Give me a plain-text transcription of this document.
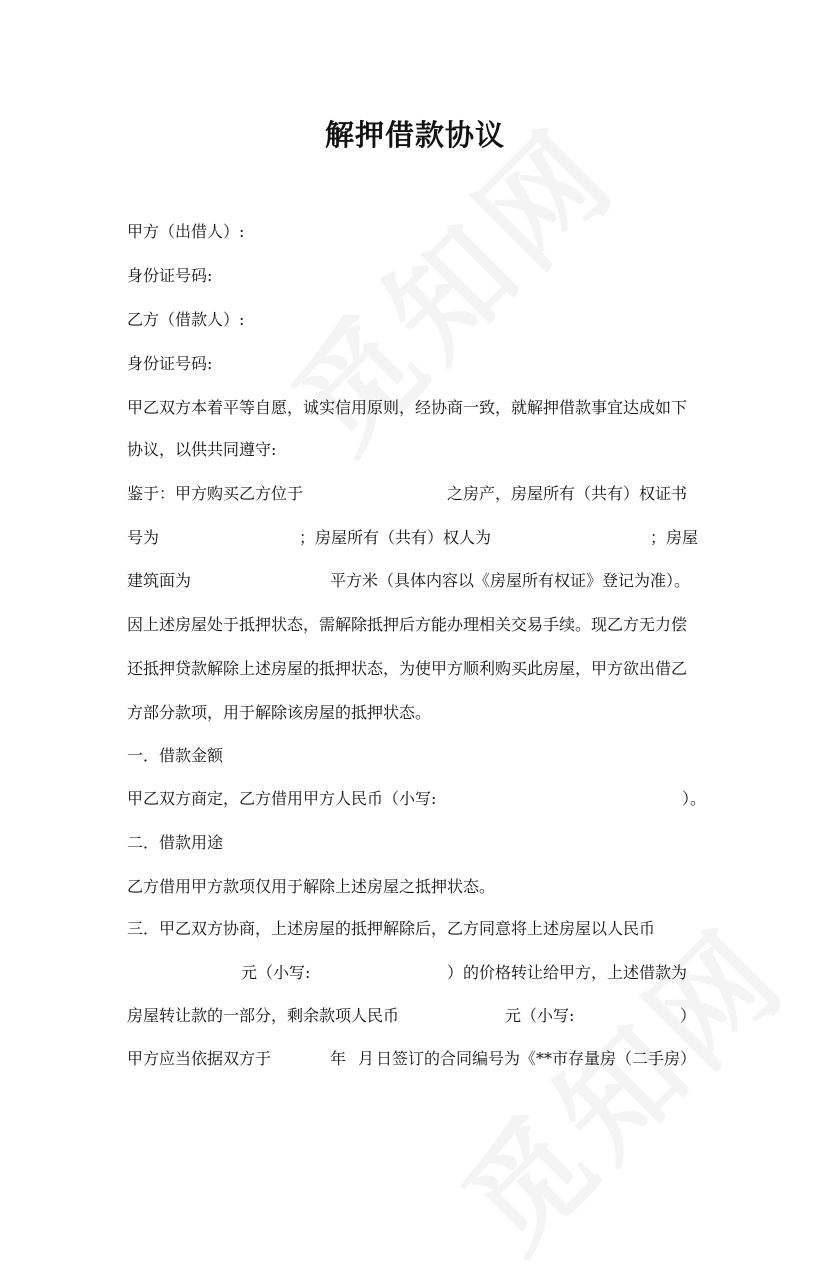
解押借款协议
甲方（出借人）:
身份证号码:
乙方（借款人）:
身份证号码:
甲乙双方本着平等自愿，诚实信用原则，经协商一致，就解押借款事宜达成如下
协议，以供共同遵守:
鉴于：甲方购买乙方位于	之房产，房屋所有（共有）权证书
号为	；房屋所有（共有）权人为	；房屋
建筑面为	平方米（具体内容以《房屋所有权证》登记为准）。
因上述房屋处于抵押状态，需解除抵押后方能办理相关交易手续。现乙方无力偿
还抵押贷款解除上述房屋的抵押状态，为使甲方顺利购买此房屋，甲方欲出借乙
方部分款项，用于解除该房屋的抵押状态。
一．借款金额
甲乙双方商定，乙方借用甲方人民币（小写:	）。
二．借款用途
乙方借用甲方款项仅用于解除上述房屋之抵押状态。
三．甲乙双方协商，上述房屋的抵押解除后，乙方同意将上述房屋以人民币
元（小写:	）的价格转让给甲方，上述借款为
房屋转让款的一部分，剩余款项人民币	元（小写:	）
甲方应当依据双方于	年 月 日签订的合同编号为《**市存量房（二手房）
